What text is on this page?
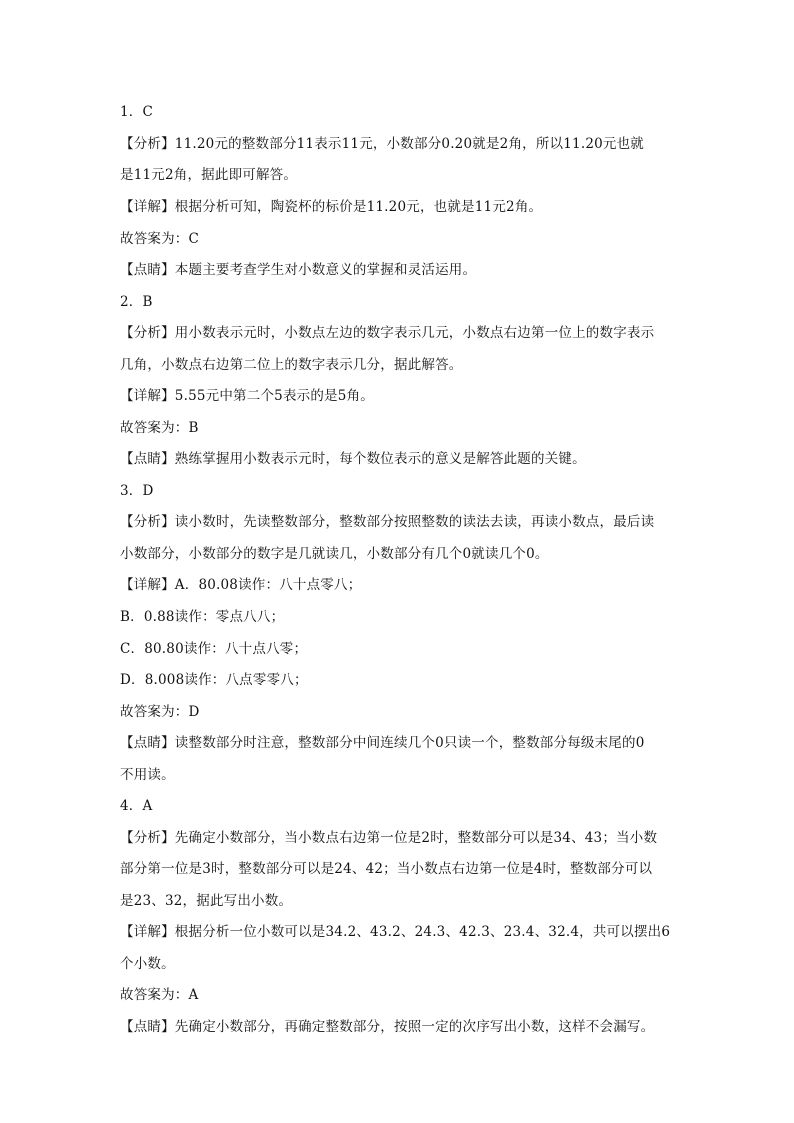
1．C
【分析】11.20元的整数部分11表示11元，小数部分0.20就是2角，所以11.20元也就
是11元2角，据此即可解答。
【详解】根据分析可知，陶瓷杯的标价是11.20元，也就是11元2角。
故答案为：C
【点睛】本题主要考查学生对小数意义的掌握和灵活运用。
2．B
【分析】用小数表示元时，小数点左边的数字表示几元，小数点右边第一位上的数字表示
几角，小数点右边第二位上的数字表示几分，据此解答。
【详解】5.55元中第二个5表示的是5角。
故答案为：B
【点睛】熟练掌握用小数表示元时，每个数位表示的意义是解答此题的关键。
3．D
【分析】读小数时，先读整数部分，整数部分按照整数的读法去读，再读小数点，最后读
小数部分，小数部分的数字是几就读几，小数部分有几个0就读几个0。
【详解】A．80.08读作：八十点零八；
B．0.88读作：零点八八；
C．80.80读作：八十点八零；
D．8.008读作：八点零零八；
故答案为：D
【点睛】读整数部分时注意，整数部分中间连续几个0只读一个，整数部分每级末尾的0
不用读。
4．A
【分析】先确定小数部分，当小数点右边第一位是2时，整数部分可以是34、43；当小数
部分第一位是3时，整数部分可以是24、42；当小数点右边第一位是4时，整数部分可以
是23、32，据此写出小数。
【详解】根据分析一位小数可以是34.2、43.2、24.3、42.3、23.4、32.4，共可以摆出6
个小数。
故答案为：A
【点睛】先确定小数部分，再确定整数部分，按照一定的次序写出小数，这样不会漏写。
